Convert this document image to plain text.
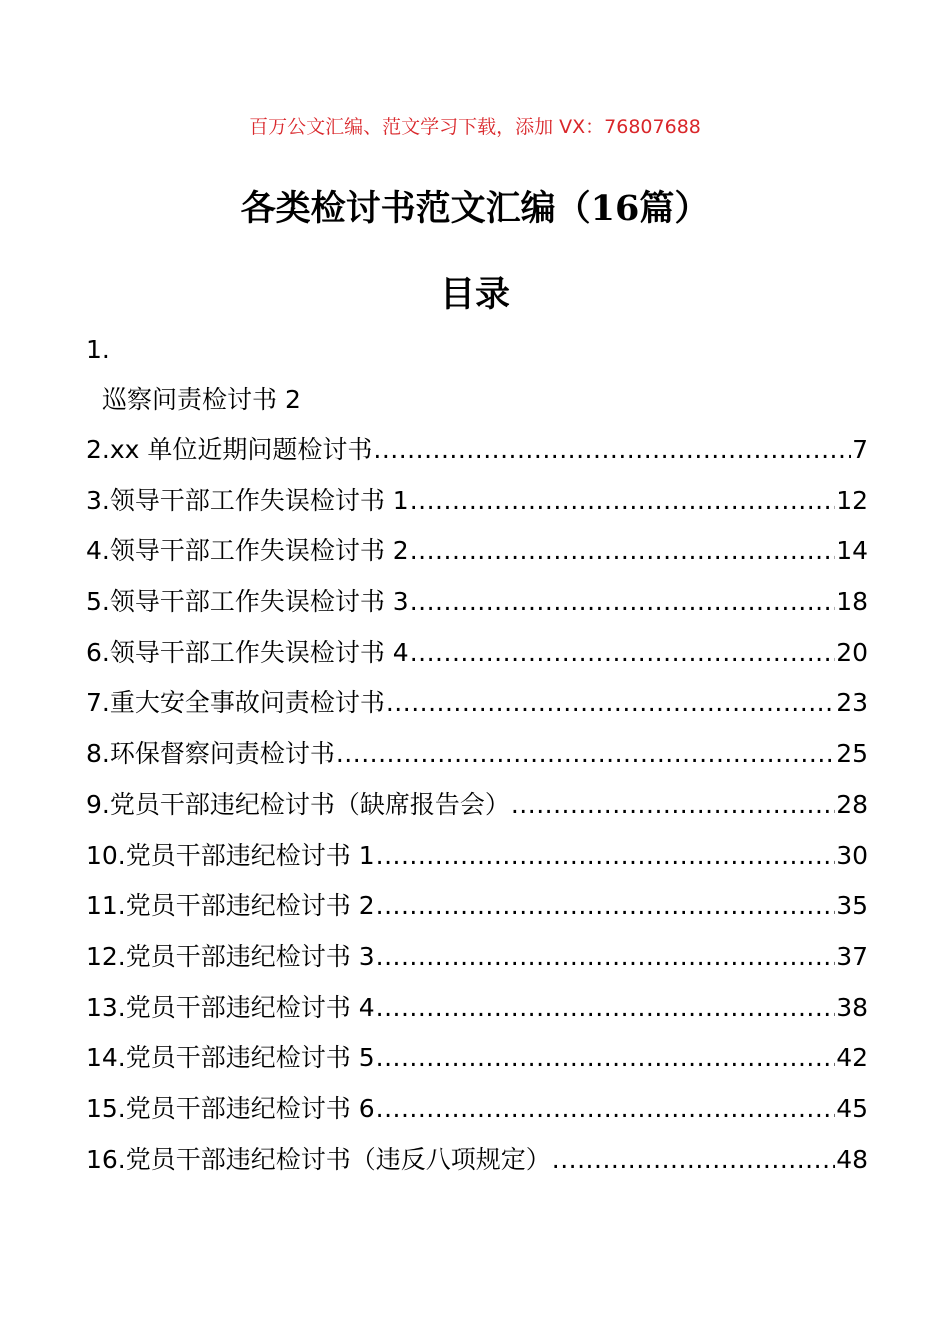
百万公文汇编、范文学习下载，添加 VX：76807688
各类检讨书范文汇编（16篇）
目录
1.
巡察问责检讨书 2
2.xx 单位近期问题检讨书 .....	7
3.领导干部工作失误检讨书 1 .....	12
4.领导干部工作失误检讨书 2 .....	14
5.领导干部工作失误检讨书 3 .....	18
6.领导干部工作失误检讨书 4 .....	20
7.重大安全事故问责检讨书 .....	23
8.环保督察问责检讨书 .....	25
9.党员干部违纪检讨书（缺席报告会） .....	28
10.党员干部违纪检讨书 1 .....	30
11.党员干部违纪检讨书 2 .....	35
12.党员干部违纪检讨书 3 .....	37
13.党员干部违纪检讨书 4 .....	38
14.党员干部违纪检讨书 5 .....	42
15.党员干部违纪检讨书 6 .....	45
16.党员干部违纪检讨书（违反八项规定） .....	48
